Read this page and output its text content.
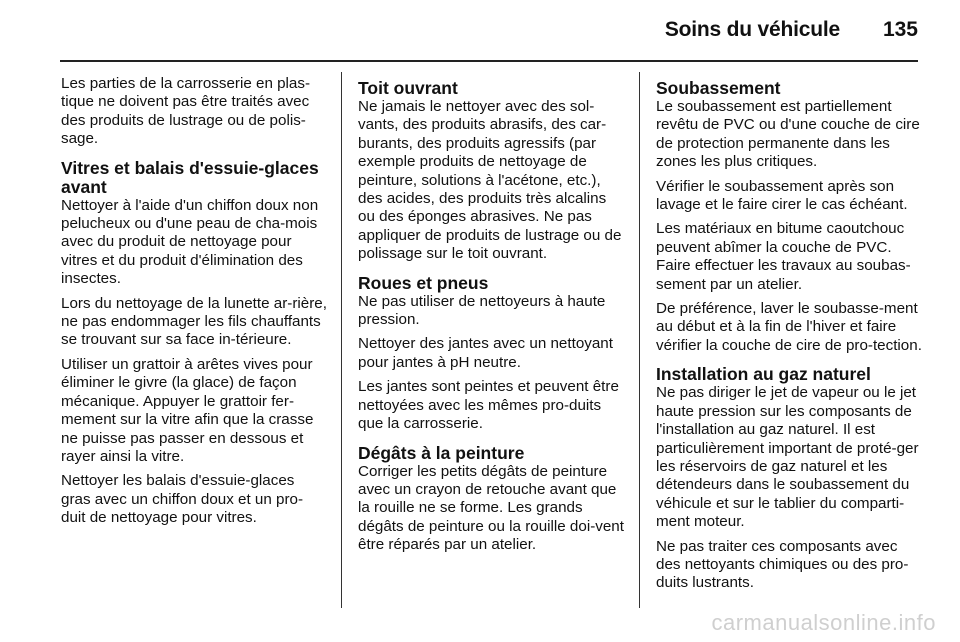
Soins du véhicule 135

Les parties de la carrosserie en plas-tique ne doivent pas être traités avec des produits de lustrage ou de polis-sage.

Vitres et balais d'essuie-glaces avant

Nettoyer à l'aide d'un chiffon doux non pelucheux ou d'une peau de cha-mois avec du produit de nettoyage pour vitres et du produit d'élimination des insectes.

Lors du nettoyage de la lunette ar-rière, ne pas endommager les fils chauffants se trouvant sur sa face in-térieure.

Utiliser un grattoir à arêtes vives pour éliminer le givre (la glace) de façon mécanique. Appuyer le grattoir fer-mement sur la vitre afin que la crasse ne puisse pas passer en dessous et rayer ainsi la vitre.

Nettoyer les balais d'essuie-glaces gras avec un chiffon doux et un pro-duit de nettoyage pour vitres.

Toit ouvrant

Ne jamais le nettoyer avec des sol-vants, des produits abrasifs, des car-burants, des produits agressifs (par exemple produits de nettoyage de peinture, solutions à l'acétone, etc.), des acides, des produits très alcalins ou des éponges abrasives. Ne pas appliquer de produits de lustrage ou de polissage sur le toit ouvrant.

Roues et pneus

Ne pas utiliser de nettoyeurs à haute pression.

Nettoyer des jantes avec un nettoyant pour jantes à pH neutre.

Les jantes sont peintes et peuvent être nettoyées avec les mêmes pro-duits que la carrosserie.

Dégâts à la peinture

Corriger les petits dégâts de peinture avec un crayon de retouche avant que la rouille ne se forme. Les grands dégâts de peinture ou la rouille doi-vent être réparés par un atelier.

Soubassement

Le soubassement est partiellement revêtu de PVC ou d'une couche de cire de protection permanente dans les zones les plus critiques.

Vérifier le soubassement après son lavage et le faire cirer le cas échéant.

Les matériaux en bitume caoutchouc peuvent abîmer la couche de PVC. Faire effectuer les travaux au soubas-sement par un atelier.

De préférence, laver le soubasse-ment au début et à la fin de l'hiver et faire vérifier la couche de cire de pro-tection.

Installation au gaz naturel

Ne pas diriger le jet de vapeur ou le jet haute pression sur les composants de l'installation au gaz naturel. Il est particulièrement important de proté-ger les réservoirs de gaz naturel et les détendeurs dans le soubassement du véhicule et sur le tablier du comparti-ment moteur.

Ne pas traiter ces composants avec des nettoyants chimiques ou des pro-duits lustrants.

carmanualsonline.info
